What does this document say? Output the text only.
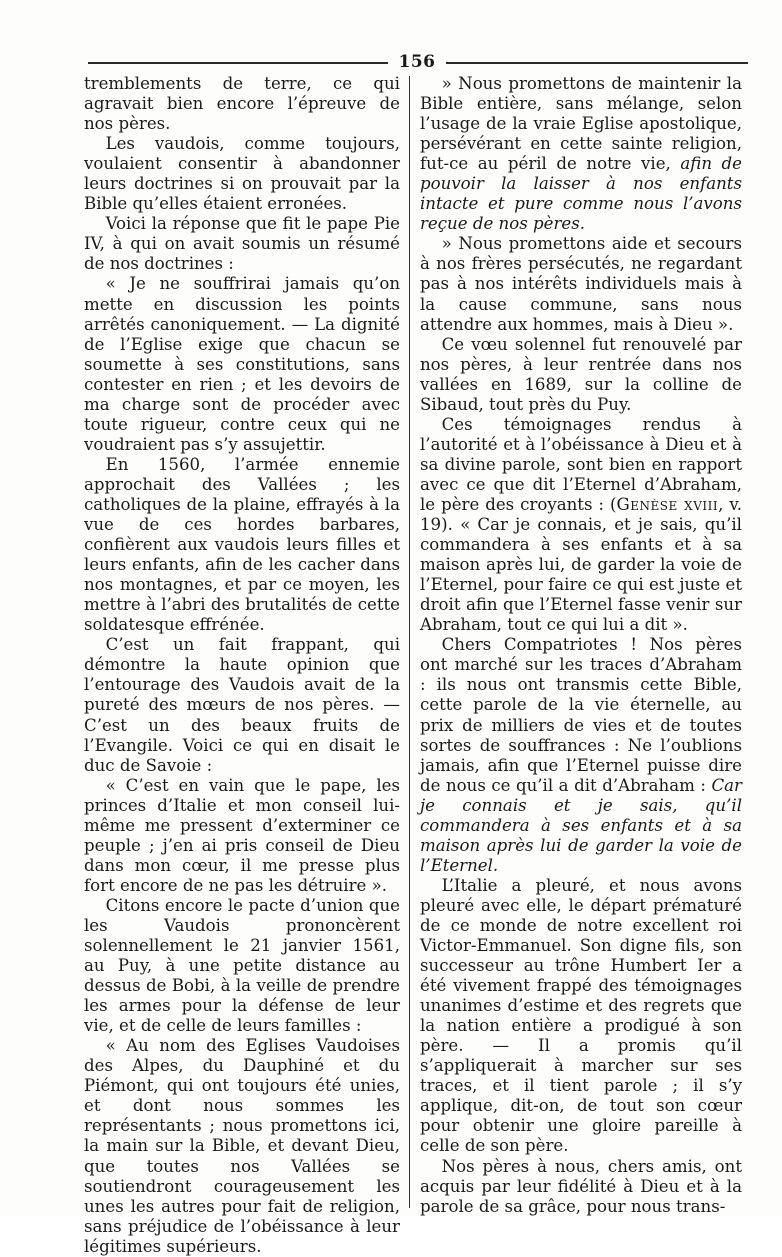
156

tremblements de terre, ce qui agravait bien encore l’épreuve de nos pères.

Les vaudois, comme toujours, voulaient consentir à abandonner leurs doctrines si on prouvait par la Bible qu’elles étaient erronées.

Voici la réponse que fit le pape Pie IV, à qui on avait soumis un résumé de nos doctrines :

« Je ne souffrirai jamais qu’on mette en discussion les points arrêtés canoniquement. — La dignité de l’Eglise exige que chacun se soumette à ses constitutions, sans contester en rien ; et les devoirs de ma charge sont de procéder avec toute rigueur, contre ceux qui ne voudraient pas s’y assujettir.

En 1560, l’armée ennemie approchait des Vallées ; les catholiques de la plaine, effrayés à la vue de ces hordes barbares, confièrent aux vaudois leurs filles et leurs enfants, afin de les cacher dans nos montagnes, et par ce moyen, les mettre à l’abri des brutalités de cette soldatesque effrénée.

C’est un fait frappant, qui démontre la haute opinion que l’entourage des Vaudois avait de la pureté des mœurs de nos pères. — C’est un des beaux fruits de l’Evangile. Voici ce qui en disait le duc de Savoie :

« C’est en vain que le pape, les princes d’Italie et mon conseil lui-même me pressent d’exterminer ce peuple ; j’en ai pris conseil de Dieu dans mon cœur, il me presse plus fort encore de ne pas les détruire ».

Citons encore le pacte d’union que les Vaudois prononcèrent solennellement le 21 janvier 1561, au Puy, à une petite distance au dessus de Bobi, à la veille de prendre les armes pour la défense de leur vie, et de celle de leurs familles :

« Au nom des Eglises Vaudoises des Alpes, du Dauphiné et du Piémont, qui ont toujours été unies, et dont nous sommes les représentants ; nous promettons ici, la main sur la Bible, et devant Dieu, que toutes nos Vallées se soutiendront courageusement les unes les autres pour fait de religion, sans préjudice de l’obéissance à leur légitimes supérieurs.

» Nous promettons de maintenir la Bible entière, sans mélange, selon l’usage de la vraie Eglise apostolique, persévérant en cette sainte religion, fut-ce au péril de notre vie, afin de pouvoir la laisser à nos enfants intacte et pure comme nous l’avons reçue de nos pères.

» Nous promettons aide et secours à nos frères persécutés, ne regardant pas à nos intérêts individuels mais à la cause commune, sans nous attendre aux hommes, mais à Dieu ».

Ce vœu solennel fut renouvelé par nos pères, à leur rentrée dans nos vallées en 1689, sur la colline de Sibaud, tout près du Puy.

Ces témoignages rendus à l’autorité et à l’obéissance à Dieu et à sa divine parole, sont bien en rapport avec ce que dit l’Eternel d’Abraham, le père des croyants : (Genèse xviii, v. 19). « Car je connais, et je sais, qu’il commandera à ses enfants et à sa maison après lui, de garder la voie de l’Eternel, pour faire ce qui est juste et droit afin que l’Eternel fasse venir sur Abraham, tout ce qui lui a dit ».

Chers Compatriotes ! Nos pères ont marché sur les traces d’Abraham : ils nous ont transmis cette Bible, cette parole de la vie éternelle, au prix de milliers de vies et de toutes sortes de souffrances : Ne l’oublions jamais, afin que l’Eternel puisse dire de nous ce qu’il a dit d’Abraham : Car je connais et je sais, qu’il commandera à ses enfants et à sa maison après lui de garder la voie de l’Eternel.

L’Italie a pleuré, et nous avons pleuré avec elle, le départ prématuré de ce monde de notre excellent roi Victor-Emmanuel. Son digne fils, son successeur au trône Humbert Ier a été vivement frappé des témoignages unanimes d’estime et des regrets que la nation entière a prodigué à son père. — Il a promis qu’il s’appliquerait à marcher sur ses traces, et il tient parole ; il s’y applique, dit-on, de tout son cœur pour obtenir une gloire pareille à celle de son père.

Nos pères à nous, chers amis, ont acquis par leur fidélité à Dieu et à la parole de sa grâce, pour nous trans-
